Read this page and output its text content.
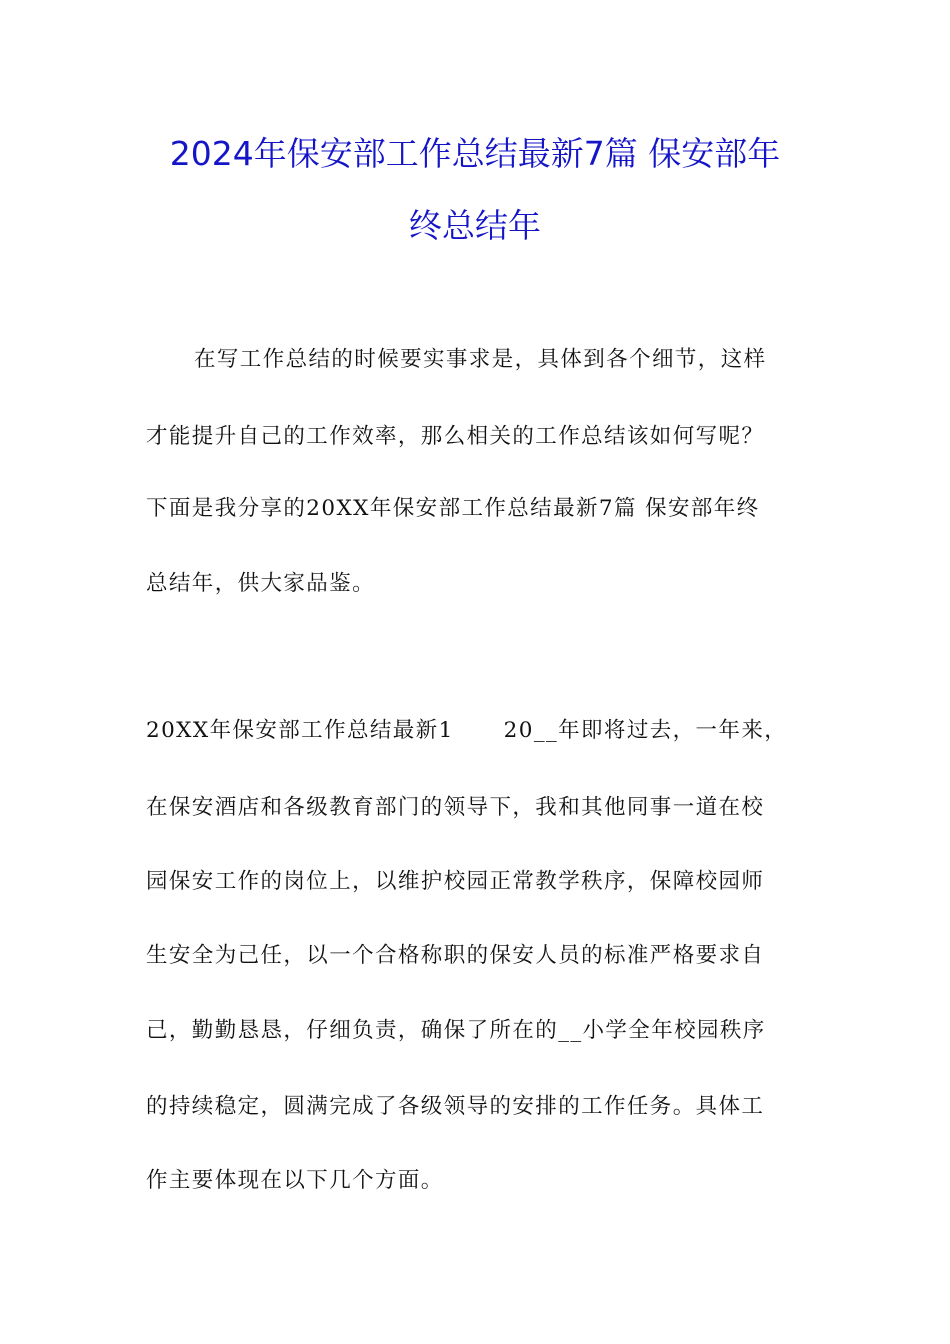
2024年保安部工作总结最新7篇 保安部年
终总结年
在写工作总结的时候要实事求是，具体到各个细节，这样
才能提升自己的工作效率，那么相关的工作总结该如何写呢？
下面是我分享的20XX年保安部工作总结最新7篇 保安部年终
总结年，供大家品鉴。
20XX年保安部工作总结最新1 20__年即将过去，一年来，
在保安酒店和各级教育部门的领导下，我和其他同事一道在校
园保安工作的岗位上，以维护校园正常教学秩序，保障校园师
生安全为己任，以一个合格称职的保安人员的标准严格要求自
己，勤勤恳恳，仔细负责，确保了所在的__小学全年校园秩序
的持续稳定，圆满完成了各级领导的安排的工作任务。具体工
作主要体现在以下几个方面。
